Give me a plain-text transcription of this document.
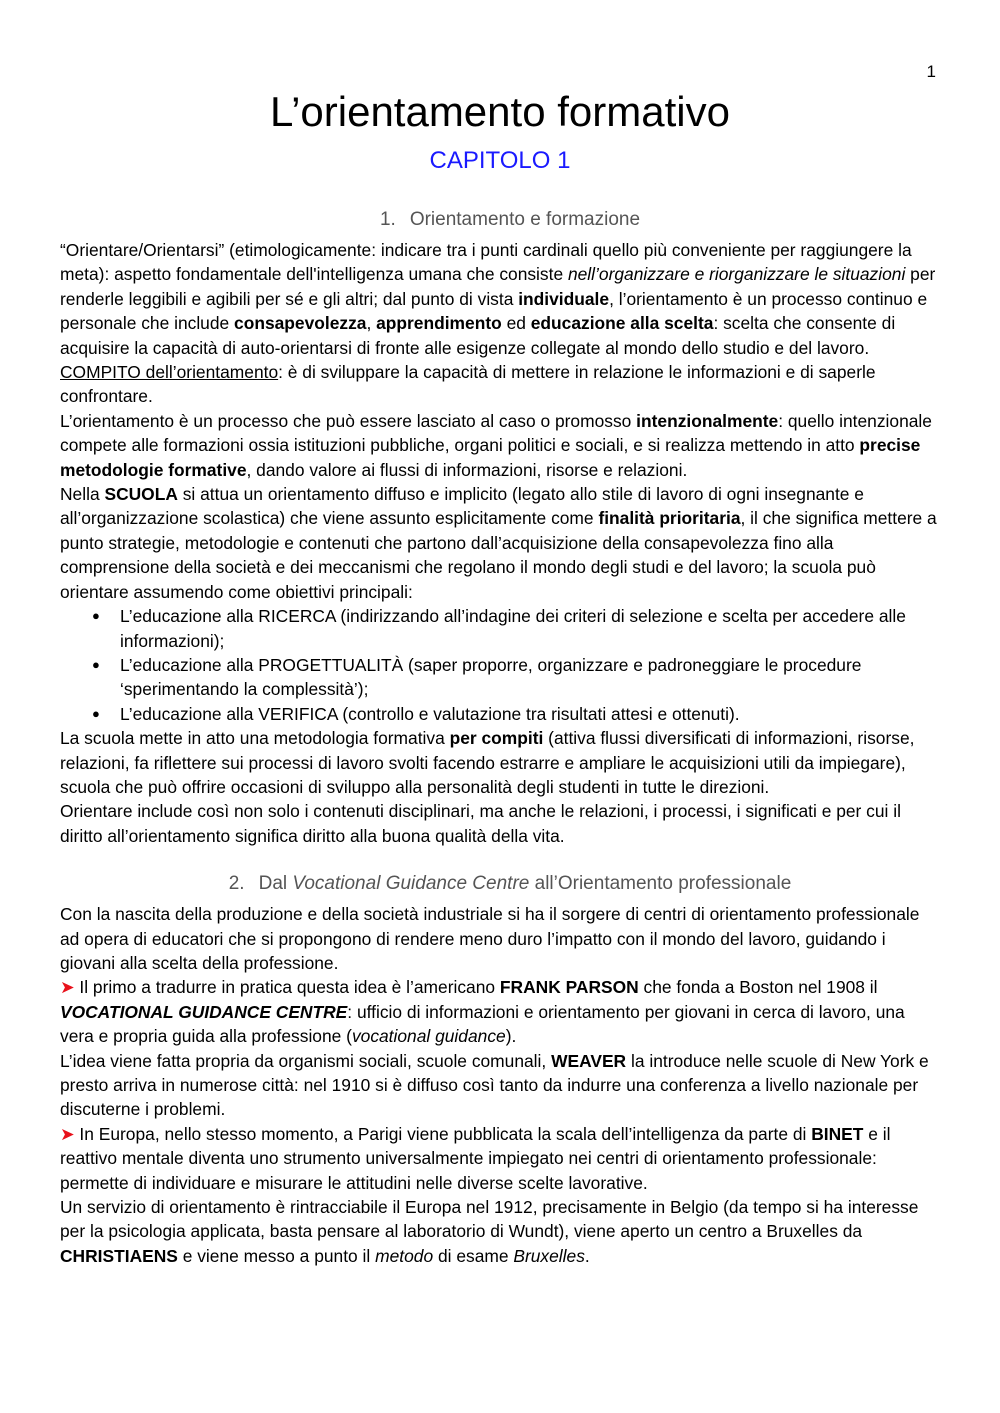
1
L’orientamento formativo
CAPITOLO 1
1. Orientamento e formazione

“Orientare/Orientarsi” (etimologicamente: indicare tra i punti cardinali quello più conveniente per raggiungere la meta): aspetto fondamentale dell'intelligenza umana che consiste nell’organizzare e riorganizzare le situazioni per renderle leggibili e agibili per sé e gli altri; dal punto di vista individuale, l’orientamento è un processo continuo e personale che include consapevolezza, apprendimento ed educazione alla scelta: scelta che consente di acquisire la capacità di auto-orientarsi di fronte alle esigenze collegate al mondo dello studio e del lavoro.

COMPITO dell’orientamento: è di sviluppare la capacità di mettere in relazione le informazioni e di saperle confrontare.

L’orientamento è un processo che può essere lasciato al caso o promosso intenzionalmente: quello intenzionale compete alle formazioni ossia istituzioni pubbliche, organi politici e sociali, e si realizza mettendo in atto precise metodologie formative, dando valore ai flussi di informazioni, risorse e relazioni.

Nella SCUOLA si attua un orientamento diffuso e implicito (legato allo stile di lavoro di ogni insegnante e all’organizzazione scolastica) che viene assunto esplicitamente come finalità prioritaria, il che significa mettere a punto strategie, metodologie e contenuti che partono dall’acquisizione della consapevolezza fino alla comprensione della società e dei meccanismi che regolano il mondo degli studi e del lavoro; la scuola può orientare assumendo come obiettivi principali:

● L’educazione alla RICERCA (indirizzando all’indagine dei criteri di selezione e scelta per accedere alle informazioni);
● L’educazione alla PROGETTUALITÀ (saper proporre, organizzare e padroneggiare le procedure ‘sperimentando la complessità’);
● L’educazione alla VERIFICA (controllo e valutazione tra risultati attesi e ottenuti).

La scuola mette in atto una metodologia formativa per compiti (attiva flussi diversificati di informazioni, risorse, relazioni, fa riflettere sui processi di lavoro svolti facendo estrarre e ampliare le acquisizioni utili da impiegare), scuola che può offrire occasioni di sviluppo alla personalità degli studenti in tutte le direzioni.

Orientare include così non solo i contenuti disciplinari, ma anche le relazioni, i processi, i significati e per cui il diritto all’orientamento significa diritto alla buona qualità della vita.

2. Dal Vocational Guidance Centre all’Orientamento professionale

Con la nascita della produzione e della società industriale si ha il sorgere di centri di orientamento professionale ad opera di educatori che si propongono di rendere meno duro l’impatto con il mondo del lavoro, guidando i giovani alla scelta della professione.

➤ Il primo a tradurre in pratica questa idea è l’americano FRANK PARSON che fonda a Boston nel 1908 il VOCATIONAL GUIDANCE CENTRE: ufficio di informazioni e orientamento per giovani in cerca di lavoro, una vera e propria guida alla professione (vocational guidance).

L’idea viene fatta propria da organismi sociali, scuole comunali, WEAVER la introduce nelle scuole di New York e presto arriva in numerose città: nel 1910 si è diffuso così tanto da indurre una conferenza a livello nazionale per discuterne i problemi.

➤ In Europa, nello stesso momento, a Parigi viene pubblicata la scala dell’intelligenza da parte di BINET e il reattivo mentale diventa uno strumento universalmente impiegato nei centri di orientamento professionale: permette di individuare e misurare le attitudini nelle diverse scelte lavorative.

Un servizio di orientamento è rintracciabile il Europa nel 1912, precisamente in Belgio (da tempo si ha interesse per la psicologia applicata, basta pensare al laboratorio di Wundt), viene aperto un centro a Bruxelles da CHRISTIAENS e viene messo a punto il metodo di esame Bruxelles.
